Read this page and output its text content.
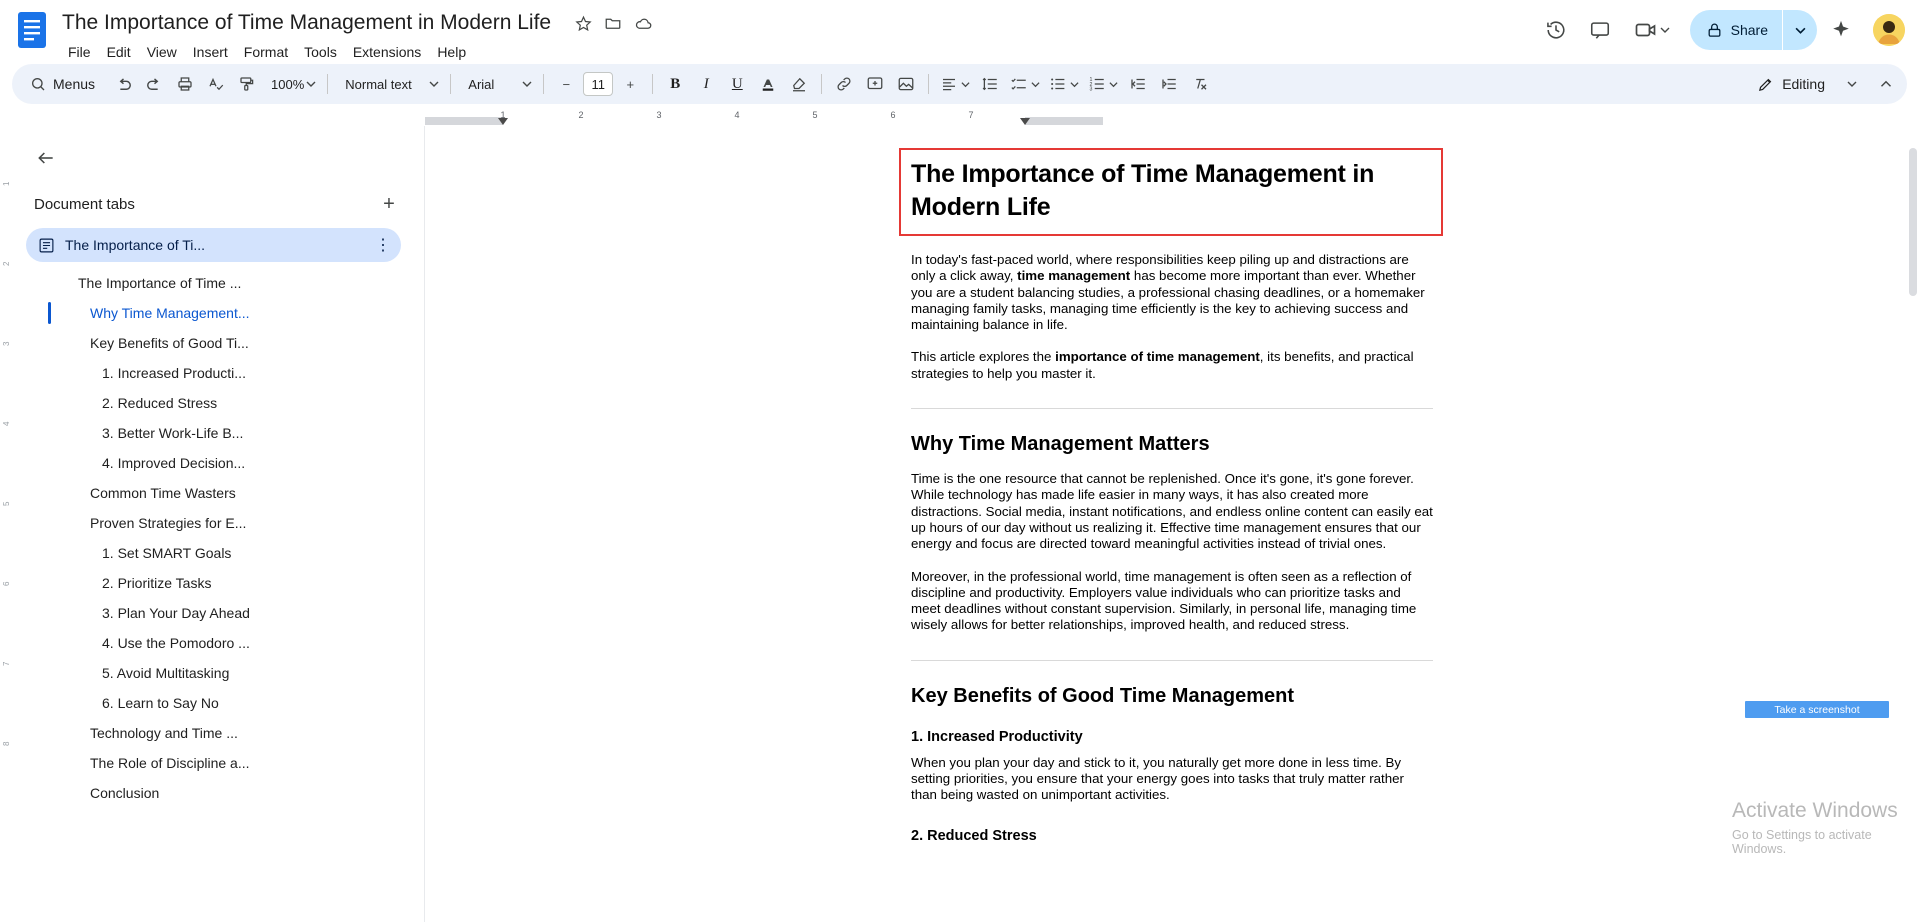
The Importance of Time Management in Modern Life
File	Edit	View	Insert	Format	Tools	Extensions	Help
Share
Menus	100%	Normal text	Arial	−
11	+	B	I	U	1
2
3	Editing
1	2	3	4	5	6	7
1
2
3
4
5
6
7
8
Document tabs	+
The Importance of Ti...	⋮
The Importance of Time ...
Why Time Management...
Key Benefits of Good Ti...
1. Increased Producti...
2. Reduced Stress
3. Better Work-Life B...
4. Improved Decision...
Common Time Wasters
Proven Strategies for E...
1. Set SMART Goals
2. Prioritize Tasks
3. Plan Your Day Ahead
4. Use the Pomodoro ...
5. Avoid Multitasking
6. Learn to Say No
Technology and Time ...
The Role of Discipline a...
Conclusion
The Importance of Time Management in Modern Life

In today's fast-paced world, where responsibilities keep piling up and distractions are only a click away, time management has become more important than ever. Whether you are a student balancing studies, a professional chasing deadlines, or a homemaker managing family tasks, managing time efficiently is the key to achieving success and maintaining balance in life.

This article explores the importance of time management, its benefits, and practical strategies to help you master it.

Why Time Management Matters

Time is the one resource that cannot be replenished. Once it's gone, it's gone forever. While technology has made life easier in many ways, it has also created more distractions. Social media, instant notifications, and endless online content can easily eat up hours of our day without us realizing it. Effective time management ensures that our energy and focus are directed toward meaningful activities instead of trivial ones.

Moreover, in the professional world, time management is often seen as a reflection of discipline and productivity. Employers value individuals who can prioritize tasks and meet deadlines without constant supervision. Similarly, in personal life, managing time wisely allows for better relationships, improved health, and reduced stress.

Key Benefits of Good Time Management
1. Increased Productivity

When you plan your day and stick to it, you naturally get more done in less time. By setting priorities, you ensure that your energy goes into tasks that truly matter rather than being wasted on unimportant activities.

2. Reduced Stress
Take a screenshot
Activate Windows
Go to Settings to activate Windows.
